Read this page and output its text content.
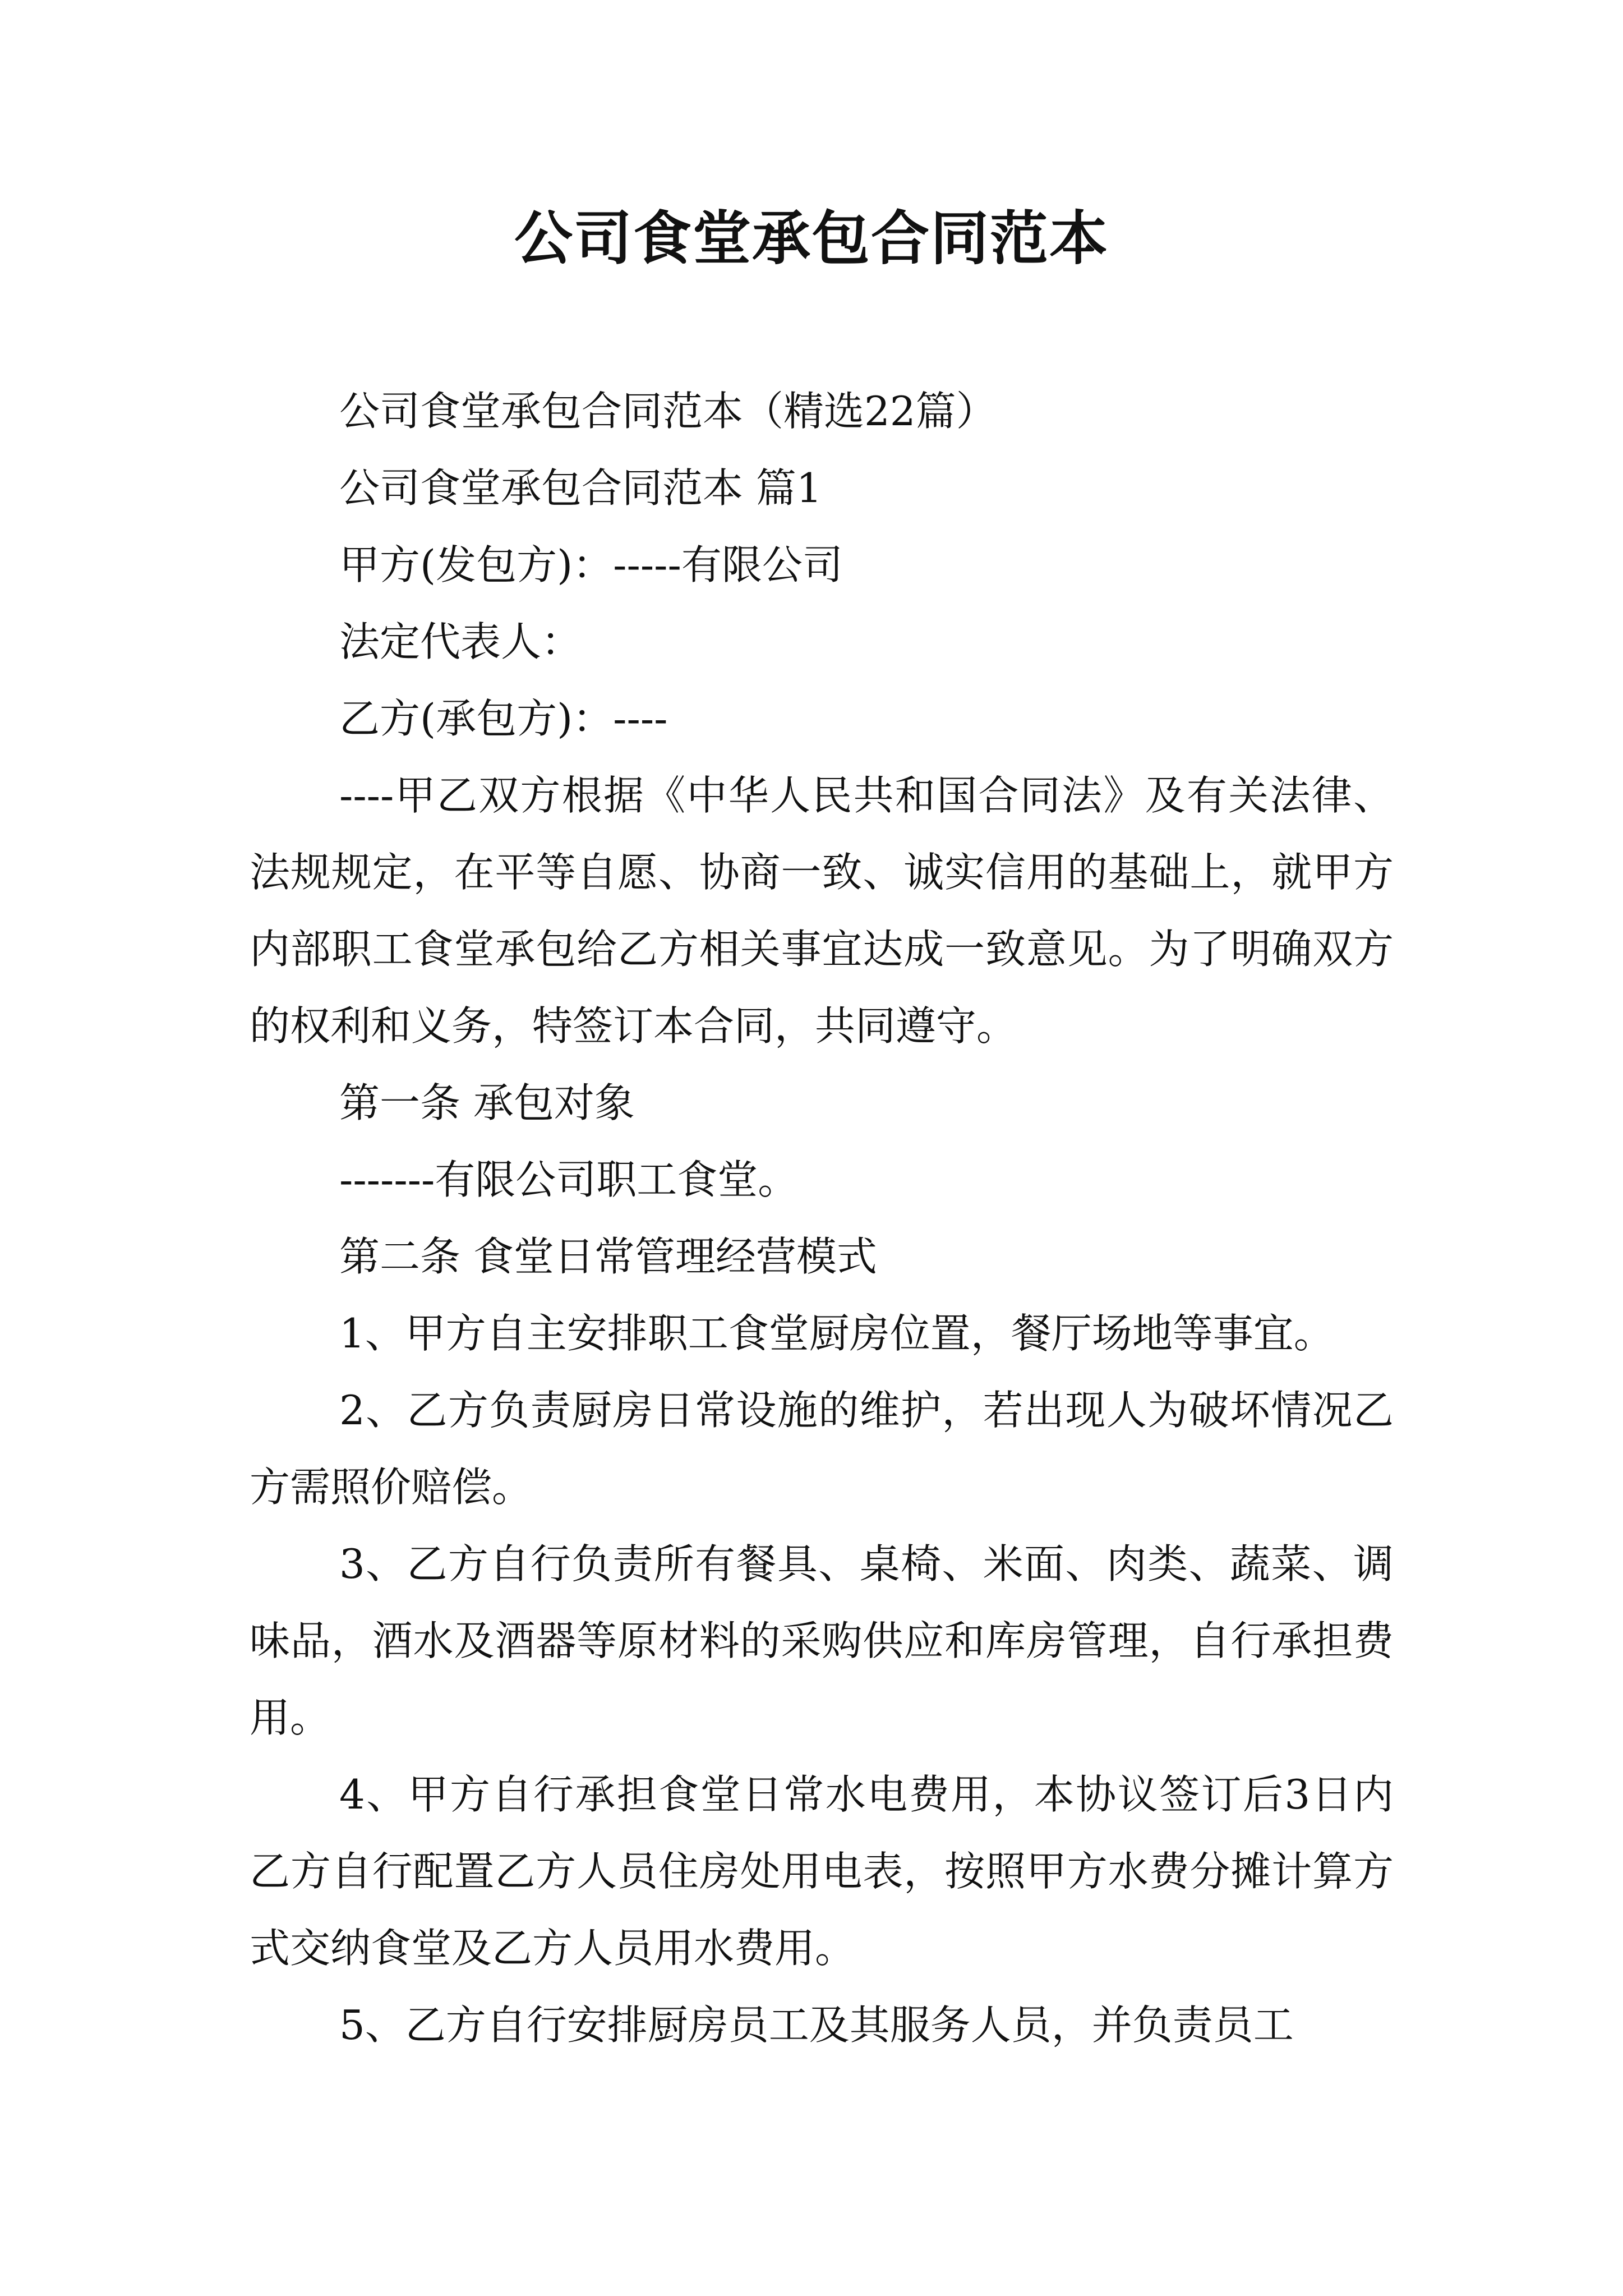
公司食堂承包合同范本

公司食堂承包合同范本（精选22篇）

公司食堂承包合同范本 篇1

甲方(发包方)：-----有限公司

法定代表人：

乙方(承包方)：----

----甲乙双方根据《中华人民共和国合同法》及有关法律、法规规定，在平等自愿、协商一致、诚实信用的基础上，就甲方内部职工食堂承包给乙方相关事宜达成一致意见。为了明确双方的权利和义务，特签订本合同，共同遵守。

第一条 承包对象

-------有限公司职工食堂。

第二条 食堂日常管理经营模式

1、甲方自主安排职工食堂厨房位置，餐厅场地等事宜。

2、乙方负责厨房日常设施的维护，若出现人为破坏情况乙方需照价赔偿。

3、乙方自行负责所有餐具、桌椅、米面、肉类、蔬菜、调味品，酒水及酒器等原材料的采购供应和库房管理，自行承担费用。

4、甲方自行承担食堂日常水电费用，本协议签订后3日内乙方自行配置乙方人员住房处用电表，按照甲方水费分摊计算方式交纳食堂及乙方人员用水费用。

5、乙方自行安排厨房员工及其服务人员，并负责员工
